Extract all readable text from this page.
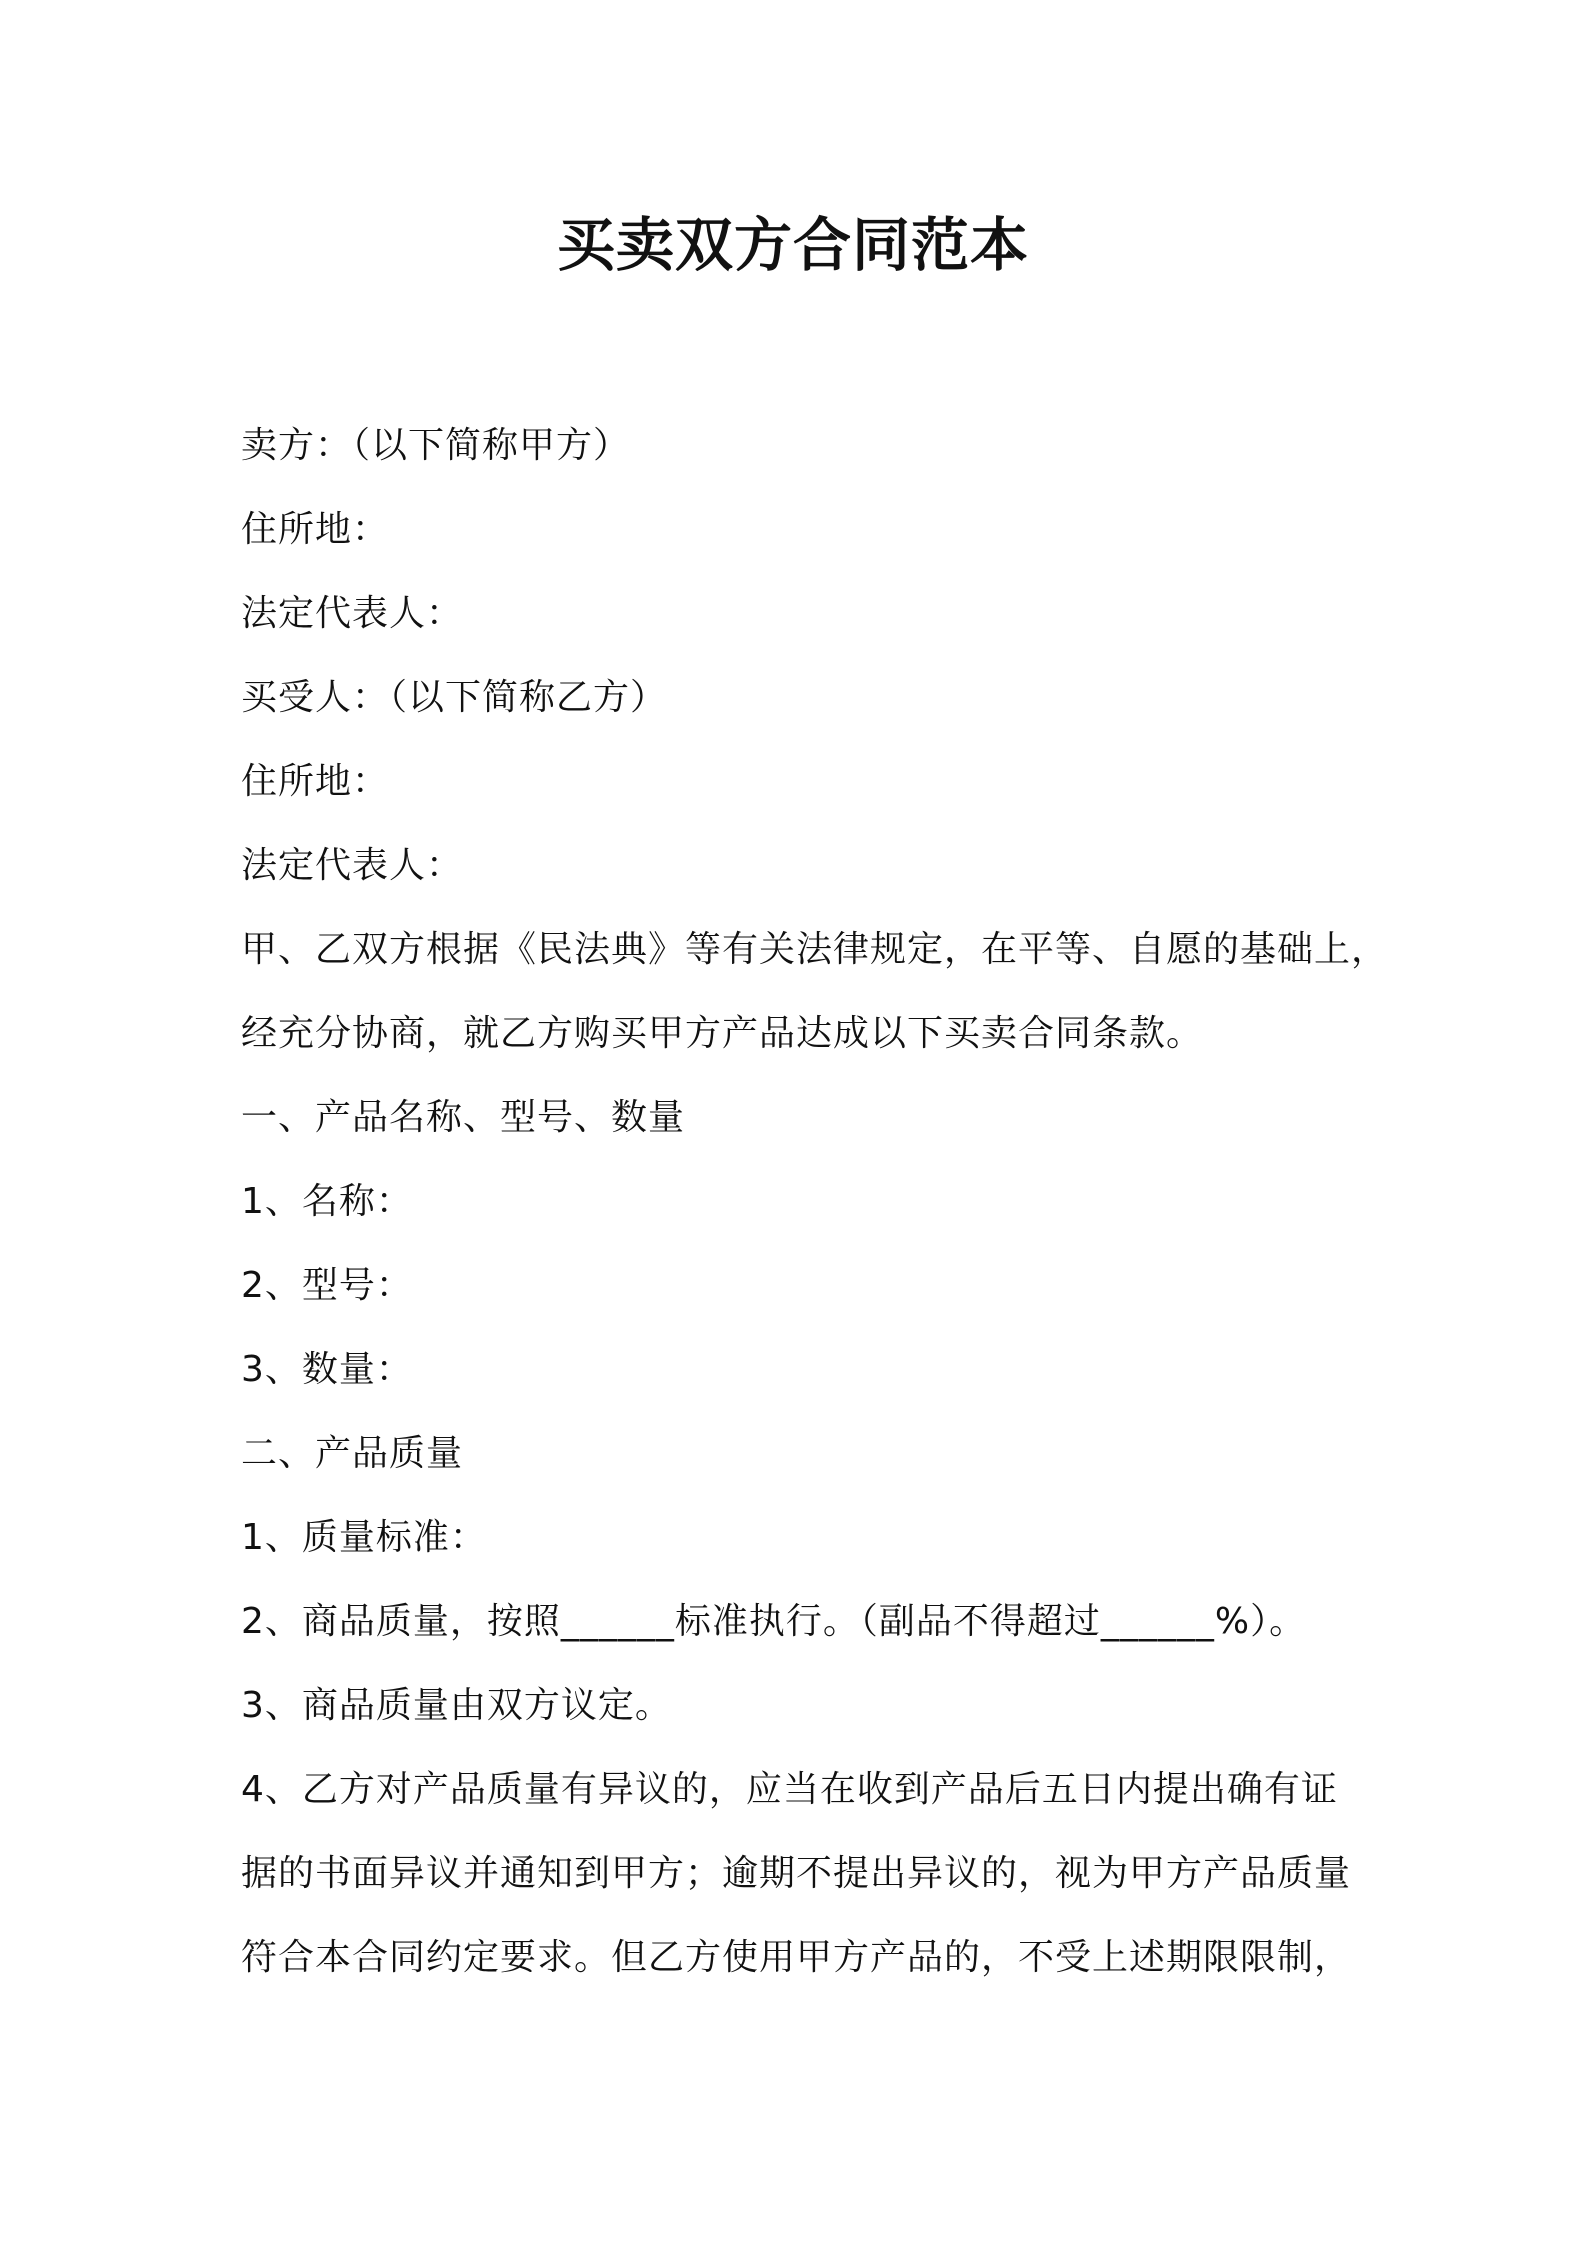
买卖双方合同范本
卖方：（以下简称甲方）
住所地：
法定代表人：
买受人：（以下简称乙方）
住所地：
法定代表人：
甲、乙双方根据《民法典》等有关法律规定，在平等、自愿的基础上，
经充分协商，就乙方购买甲方产品达成以下买卖合同条款。
一、产品名称、型号、数量
1、名称：
2、型号：
3、数量：
二、产品质量
1、质量标准：
2、商品质量，按照______标准执行。（副品不得超过______%）。
3、商品质量由双方议定。
4、乙方对产品质量有异议的，应当在收到产品后五日内提出确有证
据的书面异议并通知到甲方；逾期不提出异议的，视为甲方产品质量
符合本合同约定要求。但乙方使用甲方产品的，不受上述期限限制，
